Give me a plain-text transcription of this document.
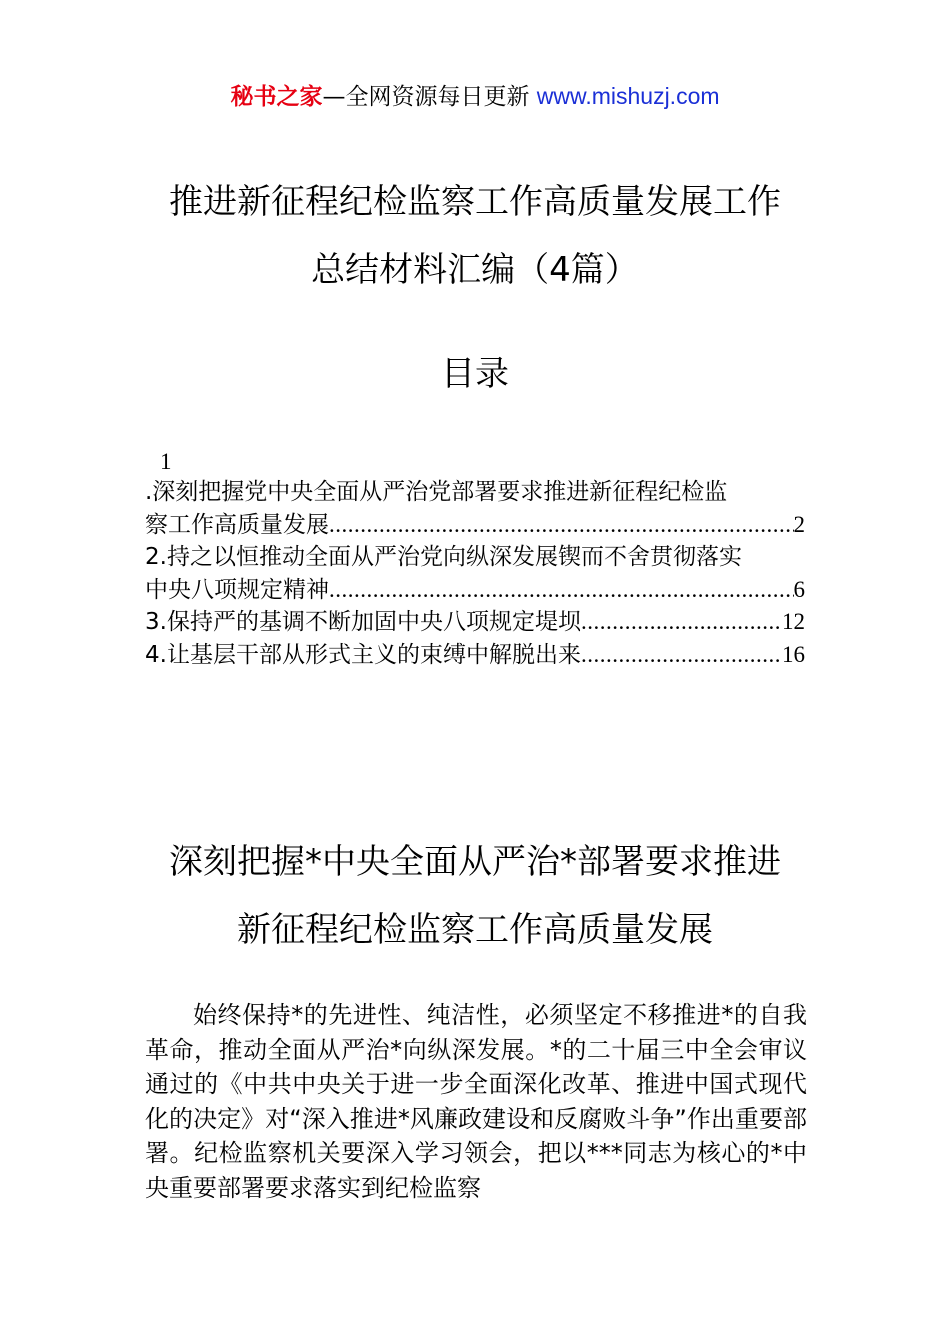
秘书之家—全网资源每日更新 www.mishuzj.com
推进新征程纪检监察工作高质量发展工作
总结材料汇编（4篇）
目录
1
.深刻把握党中央全面从严治党部署要求推进新征程纪检监
察工作高质量发展 .....	2
2.持之以恒推动全面从严治党向纵深发展锲而不舍贯彻落实
中央八项规定精神 .....	6
3.保持严的基调不断加固中央八项规定堤坝 .....	12
4.让基层干部从形式主义的束缚中解脱出来 .....	16
深刻把握*中央全面从严治*部署要求推进
新征程纪检监察工作高质量发展
始终保持*的先进性、纯洁性，必须坚定不移推进*的自我革命，推动全面从严治*向纵深发展。*的二十届三中全会审议通过的《中共中央关于进一步全面深化改革、推进中国式现代化的决定》对“深入推进*风廉政建设和反腐败斗争”作出重要部署。纪检监察机关要深入学习领会，把以***同志为核心的*中央重要部署要求落实到纪检监察
